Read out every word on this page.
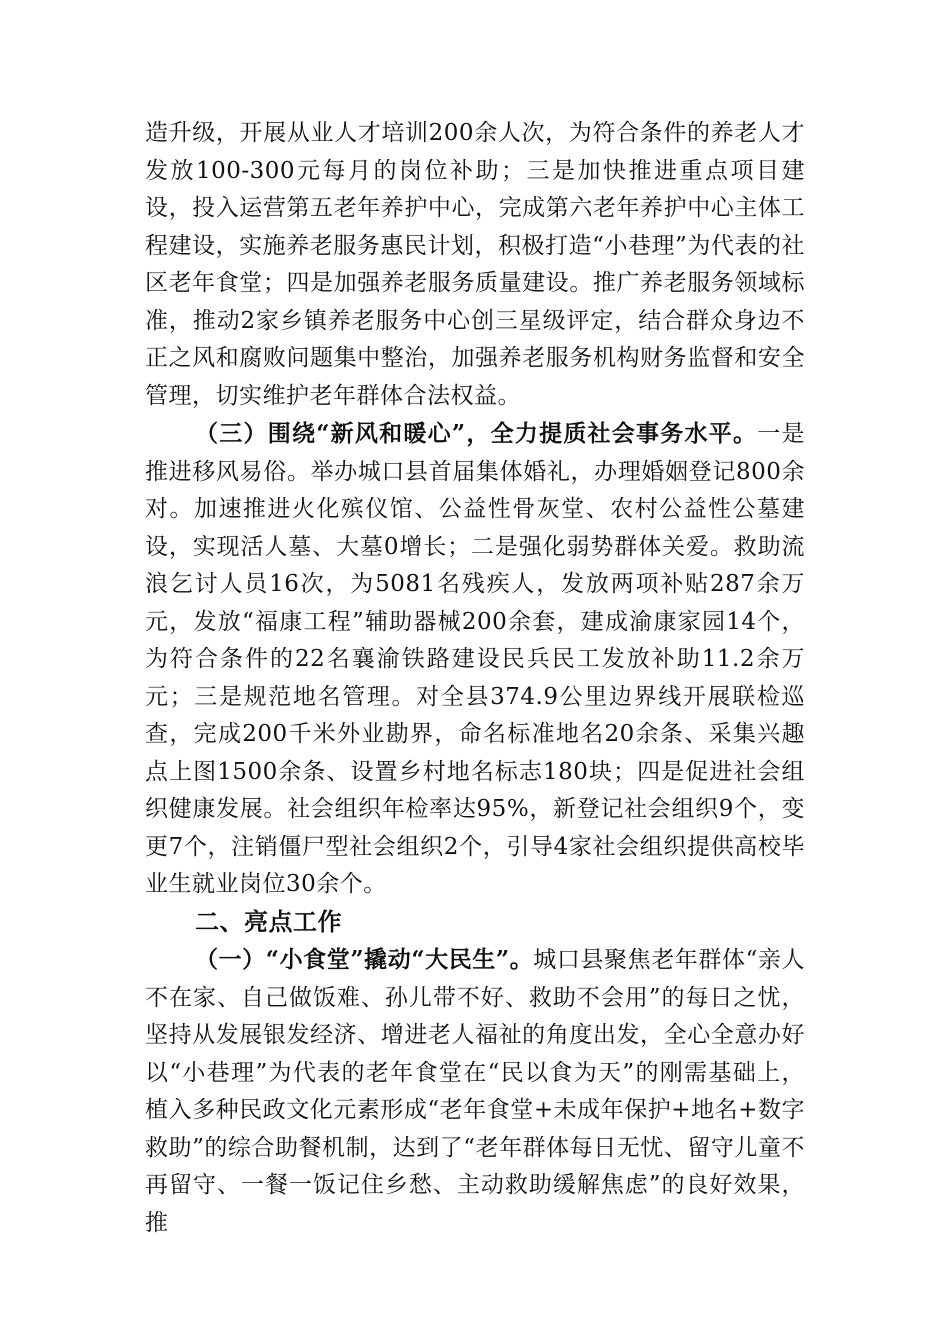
造升级，开展从业人才培训200余人次，为符合条件的养老人才发放100-300元每月的岗位补助；三是加快推进重点项目建设，投入运营第五老年养护中心，完成第六老年养护中心主体工程建设，实施养老服务惠民计划，积极打造“小巷理”为代表的社区老年食堂；四是加强养老服务质量建设。推广养老服务领域标准，推动2家乡镇养老服务中心创三星级评定，结合群众身边不正之风和腐败问题集中整治，加强养老服务机构财务监督和安全管理，切实维护老年群体合法权益。

（三）围绕“新风和暖心”，全力提质社会事务水平。一是推进移风易俗。举办城口县首届集体婚礼，办理婚姻登记800余对。加速推进火化殡仪馆、公益性骨灰堂、农村公益性公墓建设，实现活人墓、大墓0增长；二是强化弱势群体关爱。救助流浪乞讨人员16次，为5081名残疾人，发放两项补贴287余万元，发放“福康工程”辅助器械200余套，建成渝康家园14个，为符合条件的22名襄渝铁路建设民兵民工发放补助11.2余万元；三是规范地名管理。对全县374.9公里边界线开展联检巡查，完成200千米外业勘界，命名标准地名20余条、采集兴趣点上图1500余条、设置乡村地名标志180块；四是促进社会组织健康发展。社会组织年检率达95%，新登记社会组织9个，变更7个，注销僵尸型社会组织2个，引导4家社会组织提供高校毕业生就业岗位30余个。

二、亮点工作

（一）“小食堂”撬动“大民生”。城口县聚焦老年群体“亲人不在家、自己做饭难、孙儿带不好、救助不会用”的每日之忧，坚持从发展银发经济、增进老人福祉的角度出发，全心全意办好以“小巷理”为代表的老年食堂在“民以食为天”的刚需基础上，植入多种民政文化元素形成“老年食堂+未成年保护+地名+数字救助”的综合助餐机制，达到了“老年群体每日无忧、留守儿童不再留守、一餐一饭记住乡愁、主动救助缓解焦虑”的良好效果，推
